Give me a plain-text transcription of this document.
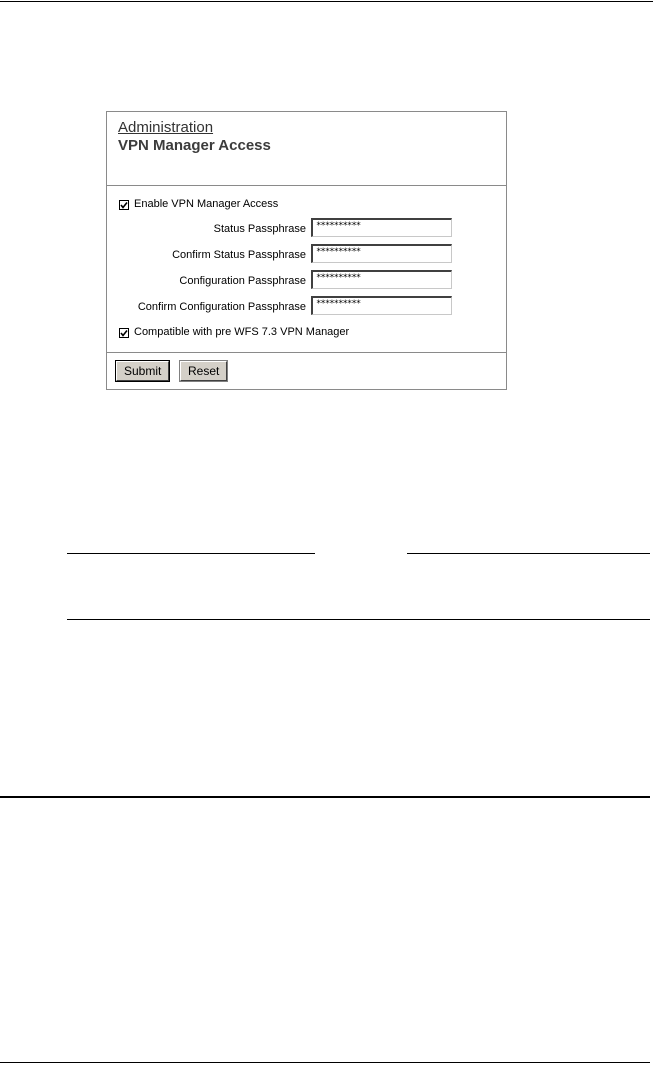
Administration
VPN Manager Access
Enable VPN Manager Access
Status Passphrase	**********
Confirm Status Passphrase	**********
Configuration Passphrase	**********
Confirm Configuration Passphrase	**********
Compatible with pre WFS 7.3 VPN Manager
Submit	Reset
